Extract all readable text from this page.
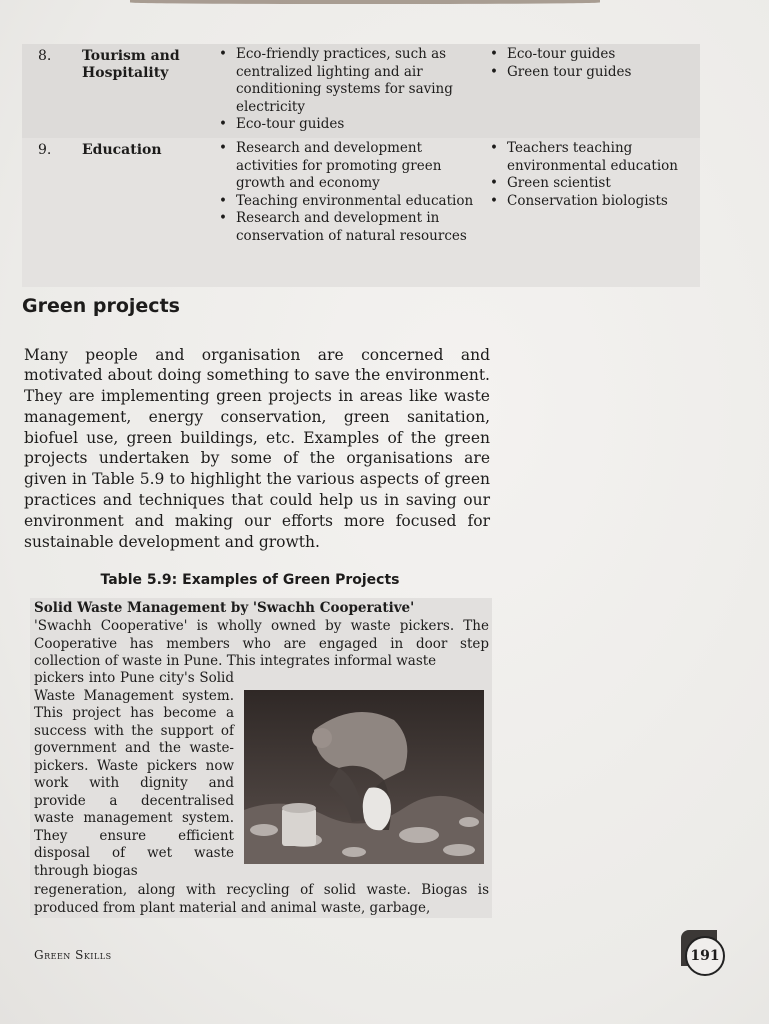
8. Tourism and
Hospitality
• Eco-friendly practices, such as centralized lighting and air conditioning systems for saving electricity
• Eco-tour guides
• Eco-tour guides
• Green tour guides
9. Education
•	Research and development activities for promoting green growth and economy
• Teaching environmental education
• Research and development in conservation of natural resources
• Teachers teaching environmental education
• Green scientist
• Conservation biologists
Green projects

Many people and organisation are concerned and motivated about doing something to save the environment. They are implementing green projects in areas like waste management, energy conservation, green sanitation, biofuel use, green buildings, etc. Examples of the green projects undertaken by some of the organisations are given in Table 5.9 to highlight the various aspects of green practices and techniques that could help us in saving our environment and making our efforts more focused for sustainable development and growth.

Table 5.9: Examples of Green Projects
Solid Waste Management by 'Swachh Cooperative'
'Swachh Cooperative' is wholly owned by waste pickers. The Cooperative has members who are engaged in door step collection of waste in Pune. This integrates informal waste
pickers into Pune city's Solid Waste Management system. This project has become a success with the support of government and the waste-pickers. Waste pickers now work with dignity and provide a decentralised waste management system. They ensure efficient disposal of wet waste through biogas
regeneration, along with recycling of solid waste. Biogas is produced from plant material and animal waste, garbage,
Green Skills	191
